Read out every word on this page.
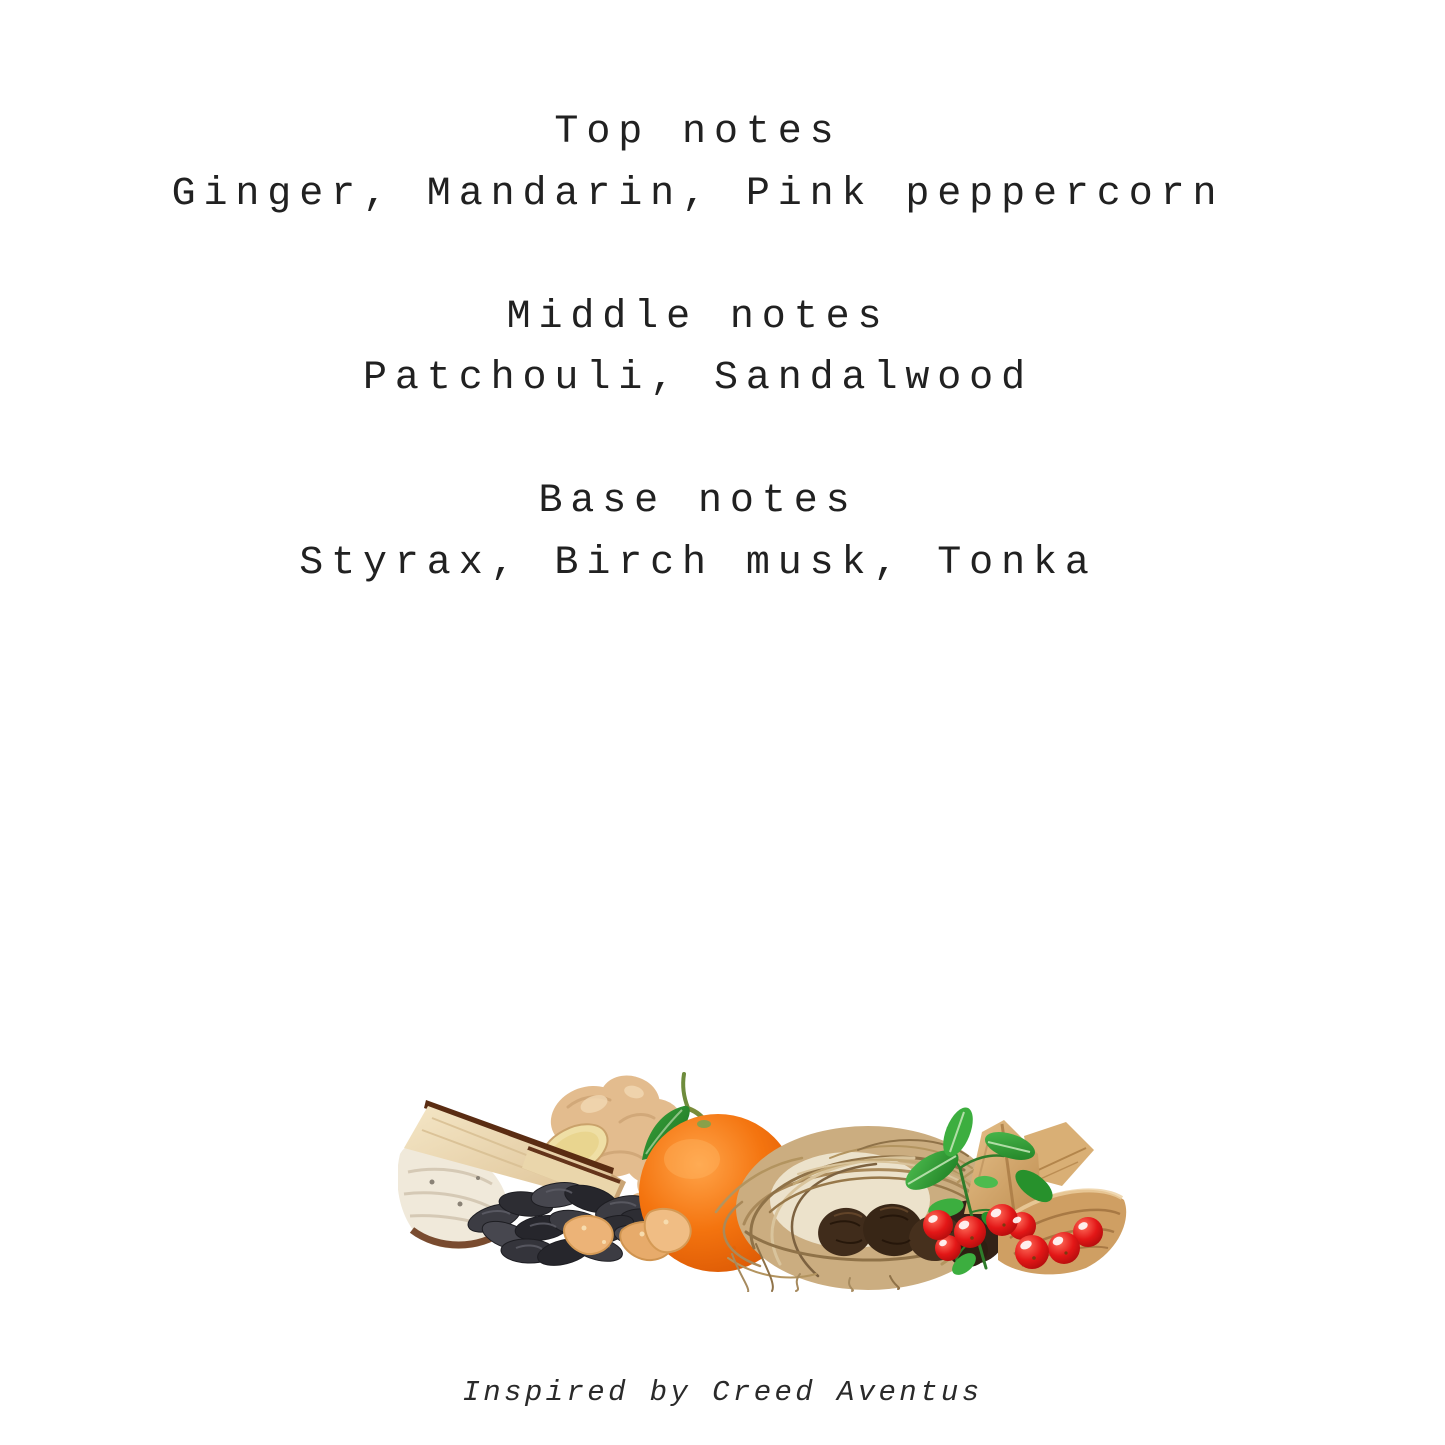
Top notes
Ginger, Mandarin, Pink peppercorn
Middle notes
Patchouli, Sandalwood
Base notes
Styrax, Birch musk, Tonka
Inspired by Creed Aventus
